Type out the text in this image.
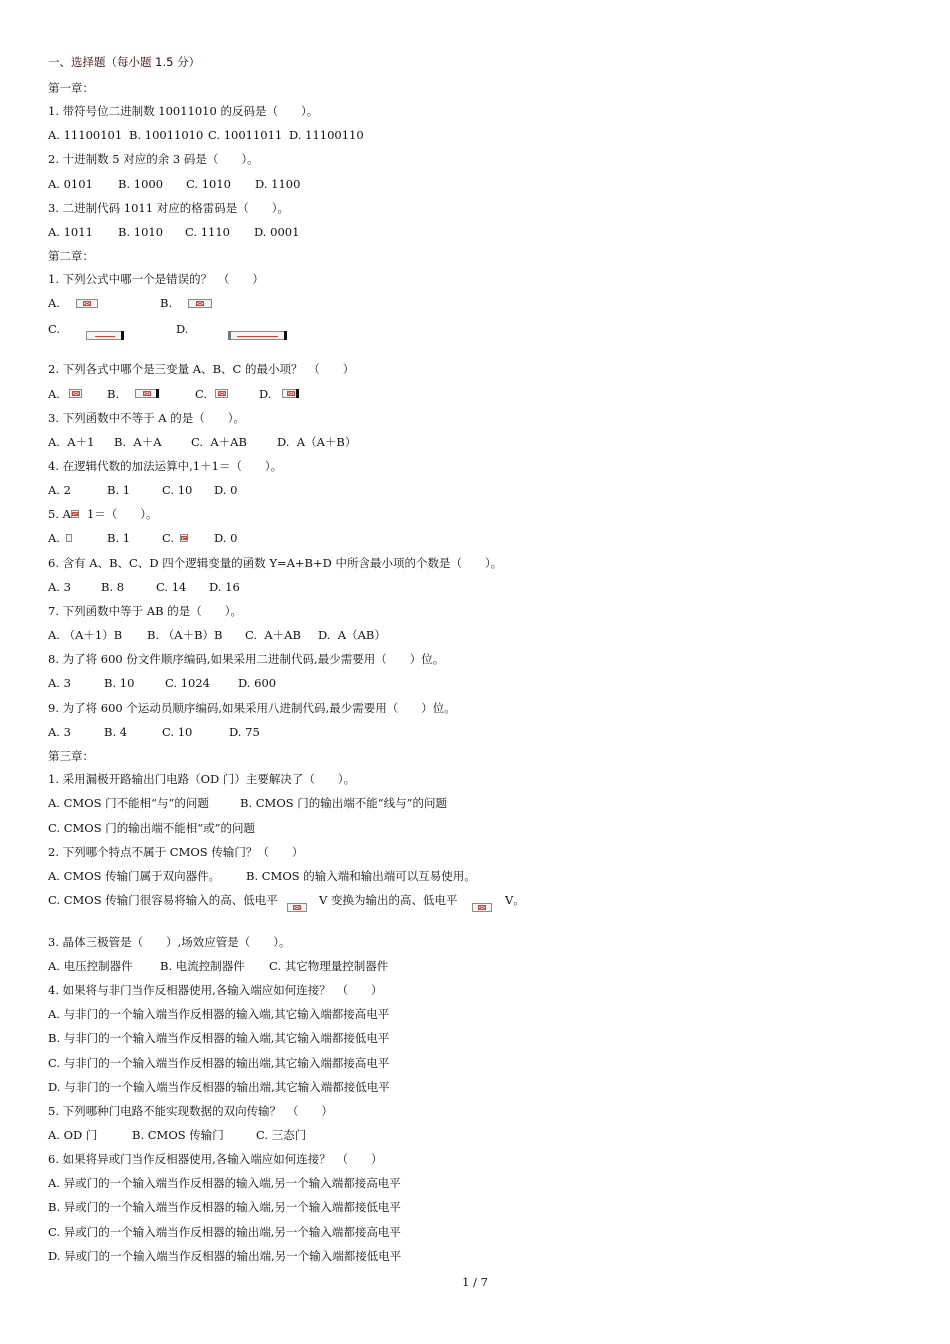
一、选择题（每小题 1.5 分）
第一章：
1. 带符号位二进制数 10011010 的反码是（　　）。
A. 11100101 B. 10011010 C. 10011011 D. 11100110
2. 十进制数 5 对应的余 3 码是（　　）。
A. 0101 B. 1000 C. 1010 D. 1100
3. 二进制代码 1011 对应的格雷码是（　　）。
A. 1011 B. 1010 C. 1110 D. 0001
第二章：
1. 下列公式中哪一个是错误的？　（　　）
A.	B.
C.	D.
2. 下列各式中哪个是三变量 A、B、C 的最小项？　（　　）
A.	B.	C.	D.
3. 下列函数中不等于 A 的是（　　）。
A.  A＋1 B.  A＋A	C.  A＋AB	D.  A（A＋B）
4. 在逻辑代数的加法运算中,1＋1＝（　　）。
A. 2	B. 1	C. 10 D. 0
5. A 1＝（　　）。
A.	B. 1	C.	D. 0
6. 含有 A、B、C、D 四个逻辑变量的函数 Y=A+B+D 中所含最小项的个数是（　　）。
A. 3	B. 8	C. 14 D. 16
7. 下列函数中等于 AB 的是（　　）。
A. （A＋1）B B. （A＋B）B C.  A＋AB D.  A（AB）
8. 为了将 600 份文件顺序编码,如果采用二进制代码,最少需要用（　　）位。
A. 3	B. 10	C. 1024 D. 600
9. 为了将 600 个运动员顺序编码,如果采用八进制代码,最少需要用（　　）位。
A. 3	B. 4	C. 10	D. 75
第三章：
1. 采用漏极开路输出门电路（OD 门）主要解决了（　　）。
A. CMOS 门不能相“与”的问题	B. CMOS 门的输出端不能“线与”的问题
C. CMOS 门的输出端不能相“或”的问题
2. 下列哪个特点不属于 CMOS 传输门？（　　）
A. CMOS 传输门属于双向器件。 B. CMOS 的输入端和输出端可以互易使用。
C. CMOS 传输门很容易将输入的高、低电平	V 变换为输出的高、低电平	V。
3. 晶体三极管是（　　）,场效应管是（　　）。
A. 电压控制器件 B. 电流控制器件 C. 其它物理量控制器件
4. 如果将与非门当作反相器使用,各输入端应如何连接？　（　　）
A. 与非门的一个输入端当作反相器的输入端,其它输入端都接高电平
B. 与非门的一个输入端当作反相器的输入端,其它输入端都接低电平
C. 与非门的一个输入端当作反相器的输出端,其它输入端都接高电平
D. 与非门的一个输入端当作反相器的输出端,其它输入端都接低电平
5. 下列哪种门电路不能实现数据的双向传输？　（　　）
A. OD 门	B. CMOS 传输门	C. 三态门
6. 如果将异或门当作反相器使用,各输入端应如何连接？　（　　）
A. 异或门的一个输入端当作反相器的输入端,另一个输入端都接高电平
B. 异或门的一个输入端当作反相器的输入端,另一个输入端都接低电平
C. 异或门的一个输入端当作反相器的输出端,另一个输入端都接高电平
D. 异或门的一个输入端当作反相器的输出端,另一个输入端都接低电平
1 / 7
